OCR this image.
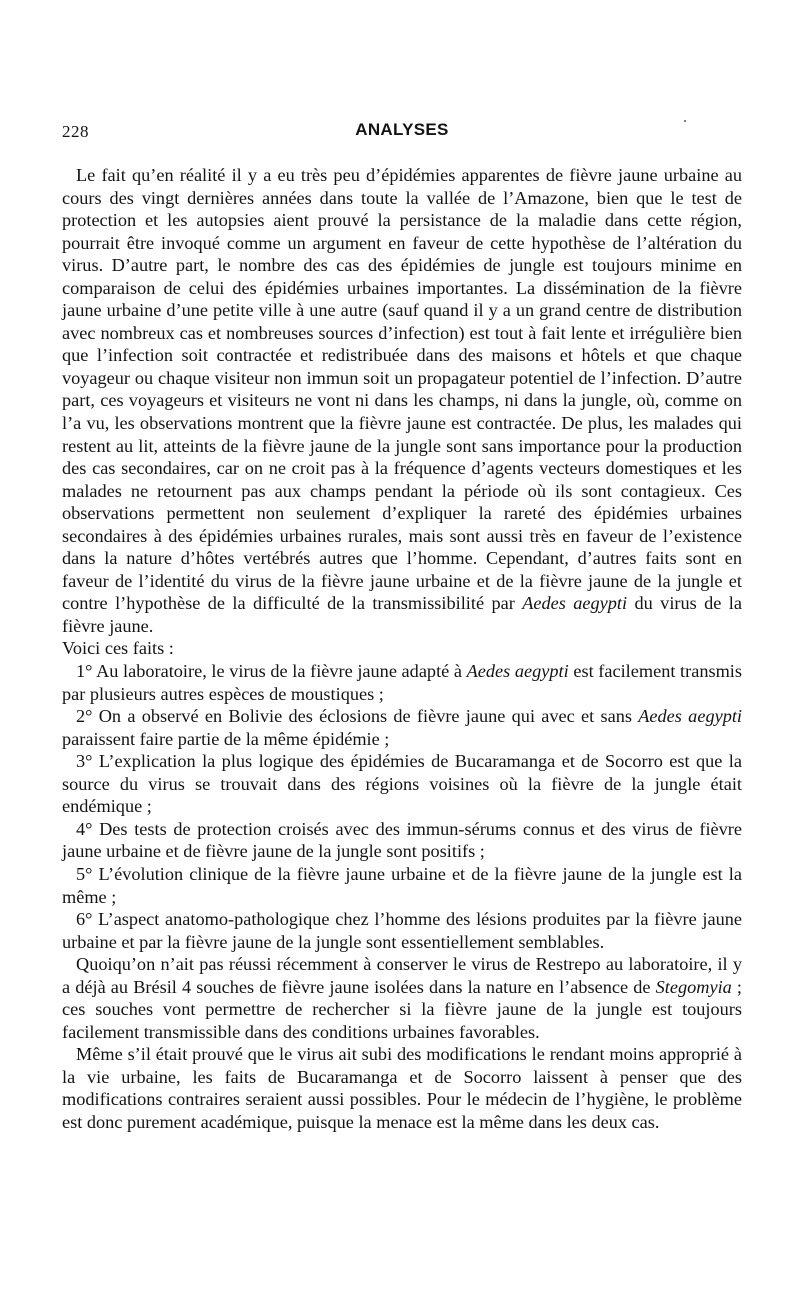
228	ANALYSES

Le fait qu’en réalité il y a eu très peu d’épidémies apparentes de fièvre jaune urbaine au cours des vingt dernières années dans toute la vallée de l’Amazone, bien que le test de protection et les autopsies aient prouvé la persistance de la maladie dans cette région, pourrait être invoqué comme un argument en faveur de cette hypothèse de l’altération du virus. D’autre part, le nombre des cas des épidémies de jungle est toujours minime en comparaison de celui des épidémies urbaines importantes. La dissémination de la fièvre jaune urbaine d’une petite ville à une autre (sauf quand il y a un grand centre de distribution avec nombreux cas et nombreuses sources d’infection) est tout à fait lente et irrégulière bien que l’infection soit contractée et redistribuée dans des maisons et hôtels et que chaque voyageur ou chaque visiteur non immun soit un propagateur potentiel de l’infection. D’autre part, ces voyageurs et visiteurs ne vont ni dans les champs, ni dans la jungle, où, comme on l’a vu, les observations montrent que la fièvre jaune est contractée. De plus, les malades qui restent au lit, atteints de la fièvre jaune de la jungle sont sans importance pour la production des cas secondaires, car on ne croit pas à la fréquence d’agents vecteurs domestiques et les malades ne retournent pas aux champs pendant la période où ils sont contagieux. Ces observations permettent non seulement d’expliquer la rareté des épidémies urbaines secondaires à des épidémies urbaines rurales, mais sont aussi très en faveur de l’existence dans la nature d’hôtes vertébrés autres que l’homme. Cependant, d’autres faits sont en faveur de l’identité du virus de la fièvre jaune urbaine et de la fièvre jaune de la jungle et contre l’hypothèse de la difficulté de la transmissibilité par Aedes aegypti du virus de la fièvre jaune.

Voici ces faits :

1° Au laboratoire, le virus de la fièvre jaune adapté à Aedes aegypti est facilement transmis par plusieurs autres espèces de moustiques ;

2° On a observé en Bolivie des éclosions de fièvre jaune qui avec et sans Aedes aegypti paraissent faire partie de la même épidémie ;

3° L’explication la plus logique des épidémies de Bucaramanga et de Socorro est que la source du virus se trouvait dans des régions voisines où la fièvre de la jungle était endémique ;

4° Des tests de protection croisés avec des immun-sérums connus et des virus de fièvre jaune urbaine et de fièvre jaune de la jungle sont positifs ;

5° L’évolution clinique de la fièvre jaune urbaine et de la fièvre jaune de la jungle est la même ;

6° L’aspect anatomo-pathologique chez l’homme des lésions produites par la fièvre jaune urbaine et par la fièvre jaune de la jungle sont essentiellement semblables.

Quoiqu’on n’ait pas réussi récemment à conserver le virus de Restrepo au laboratoire, il y a déjà au Brésil 4 souches de fièvre jaune isolées dans la nature en l’absence de Stegomyia ; ces souches vont permettre de rechercher si la fièvre jaune de la jungle est toujours facilement transmissible dans des conditions urbaines favorables.

Même s’il était prouvé que le virus ait subi des modifications le rendant moins approprié à la vie urbaine, les faits de Bucaramanga et de Socorro laissent à penser que des modifications contraires seraient aussi possibles. Pour le médecin de l’hygiène, le problème est donc purement académique, puisque la menace est la même dans les deux cas.
